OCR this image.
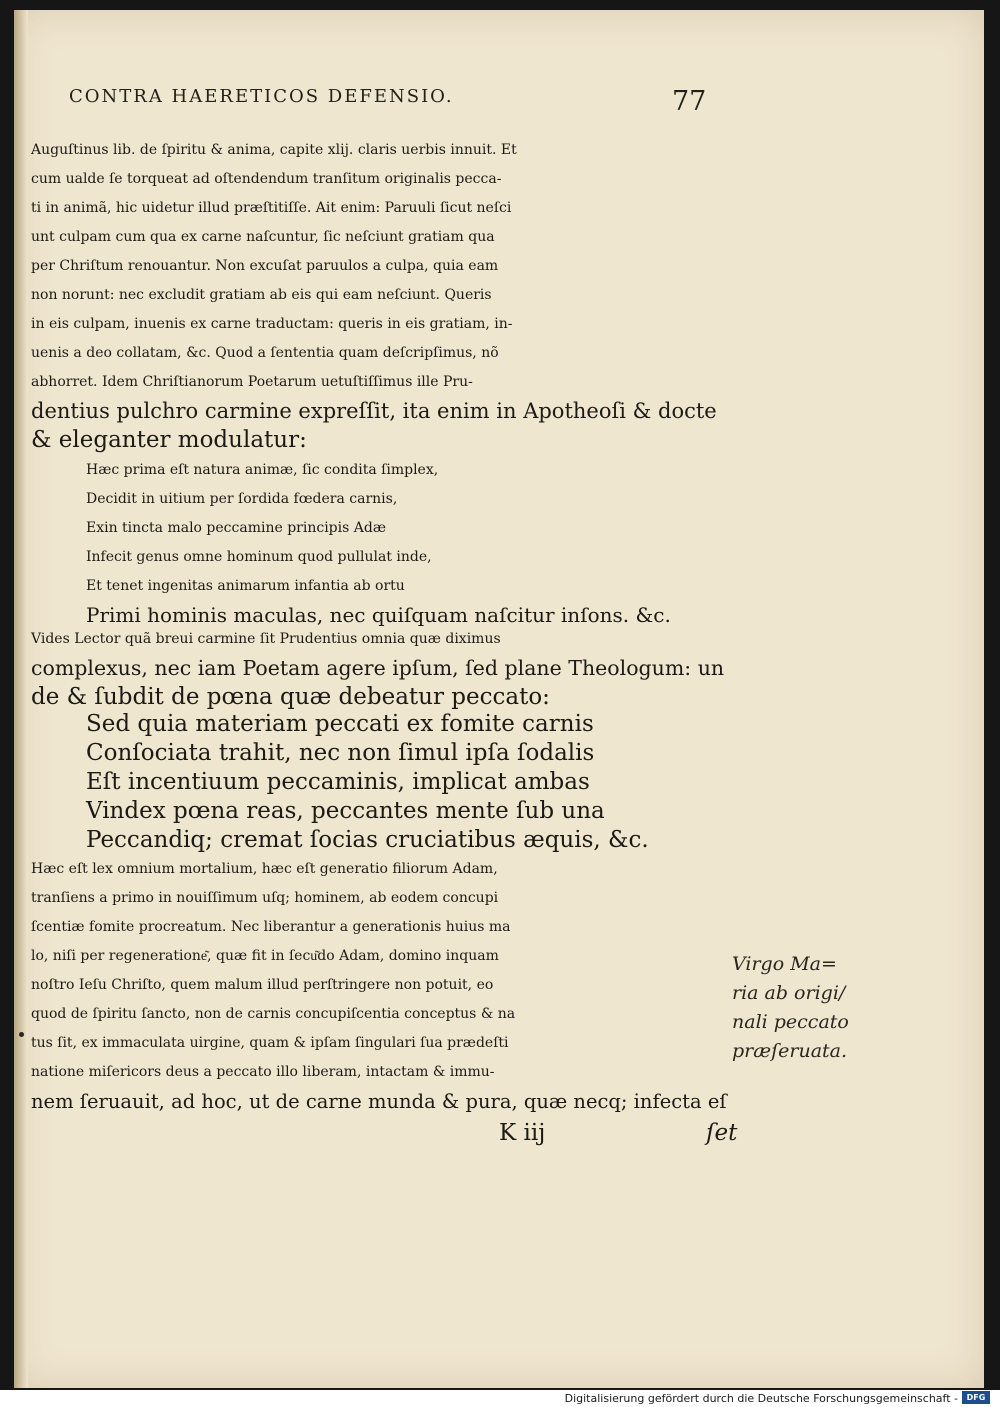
CONTRA HAERETICOS DEFENSIO.	77
Auguſtinus lib. de ſpiritu & anima, capite xlij. claris uerbis innuit. Et
cum ualde ſe torqueat ad oſtendendum tranſitum originalis pecca-
ti in animã, hic uidetur illud præſtitiſſe. Ait enim: Paruuli ſicut neſci
unt culpam cum qua ex carne naſcuntur, ſic neſciunt gratiam qua
per Chriſtum renouantur. Non excuſat paruulos a culpa, quia eam
non norunt: nec excludit gratiam ab eis qui eam neſciunt. Queris
in eis culpam, inuenis ex carne traductam: queris in eis gratiam, in-
uenis a deo collatam, &c. Quod a ſententia quam deſcripſimus, nõ
abhorret. Idem Chriſtianorum Poetarum uetuſtiſſimus ille Pru-
dentius pulchro carmine expreſſit, ita enim in Apotheoſi & docte
& eleganter modulatur:
Hæc prima eſt natura animæ, ſic condita ſimplex,
Decidit in uitium per ſordida fœdera carnis,
Exin tincta malo peccamine principis Adæ
Infecit genus omne hominum quod pullulat inde,
Et tenet ingenitas animarum infantia ab ortu
Primi hominis maculas, nec quiſquam naſcitur inſons. &c.
Vides Lector quã breui carmine ſit Prudentius omnia quæ diximus
complexus, nec iam Poetam agere ipſum, ſed plane Theologum: un
de & ſubdit de pœna quæ debeatur peccato:
Sed quia materiam peccati ex fomite carnis
Conſociata trahit, nec non ſimul ipſa ſodalis
Eſt incentiuum peccaminis, implicat ambas
Vindex pœna reas, peccantes mente ſub una
Peccandiq; cremat ſocias cruciatibus æquis, &c.
Hæc eſt lex omnium mortalium, hæc eſt generatio filiorum Adam,
tranſiens a primo in nouiſſimum uſq; hominem, ab eodem concupi
ſcentiæ fomite procreatum. Nec liberantur a generationis huius ma
lo, niſi per regeneratione͂, quæ fit in ſecu͂do Adam, domino inquam
noſtro Ieſu Chriſto, quem malum illud perſtringere non potuit, eo
quod de ſpiritu ſancto, non de carnis concupiſcentia conceptus & na
tus ſit, ex immaculata uirgine, quam & ipſam ſingulari ſua prædeſti
natione miſericors deus a peccato illo liberam, intactam & immu-
nem ſeruauit, ad hoc, ut de carne munda & pura, quæ necq; infecta eſ
Virgo Ma=
ria ab origi/
nali peccato
præſeruata.
K iij	ſet
Digitalisierung gefördert durch die Deutsche Forschungsgemeinschaft -	DFG
